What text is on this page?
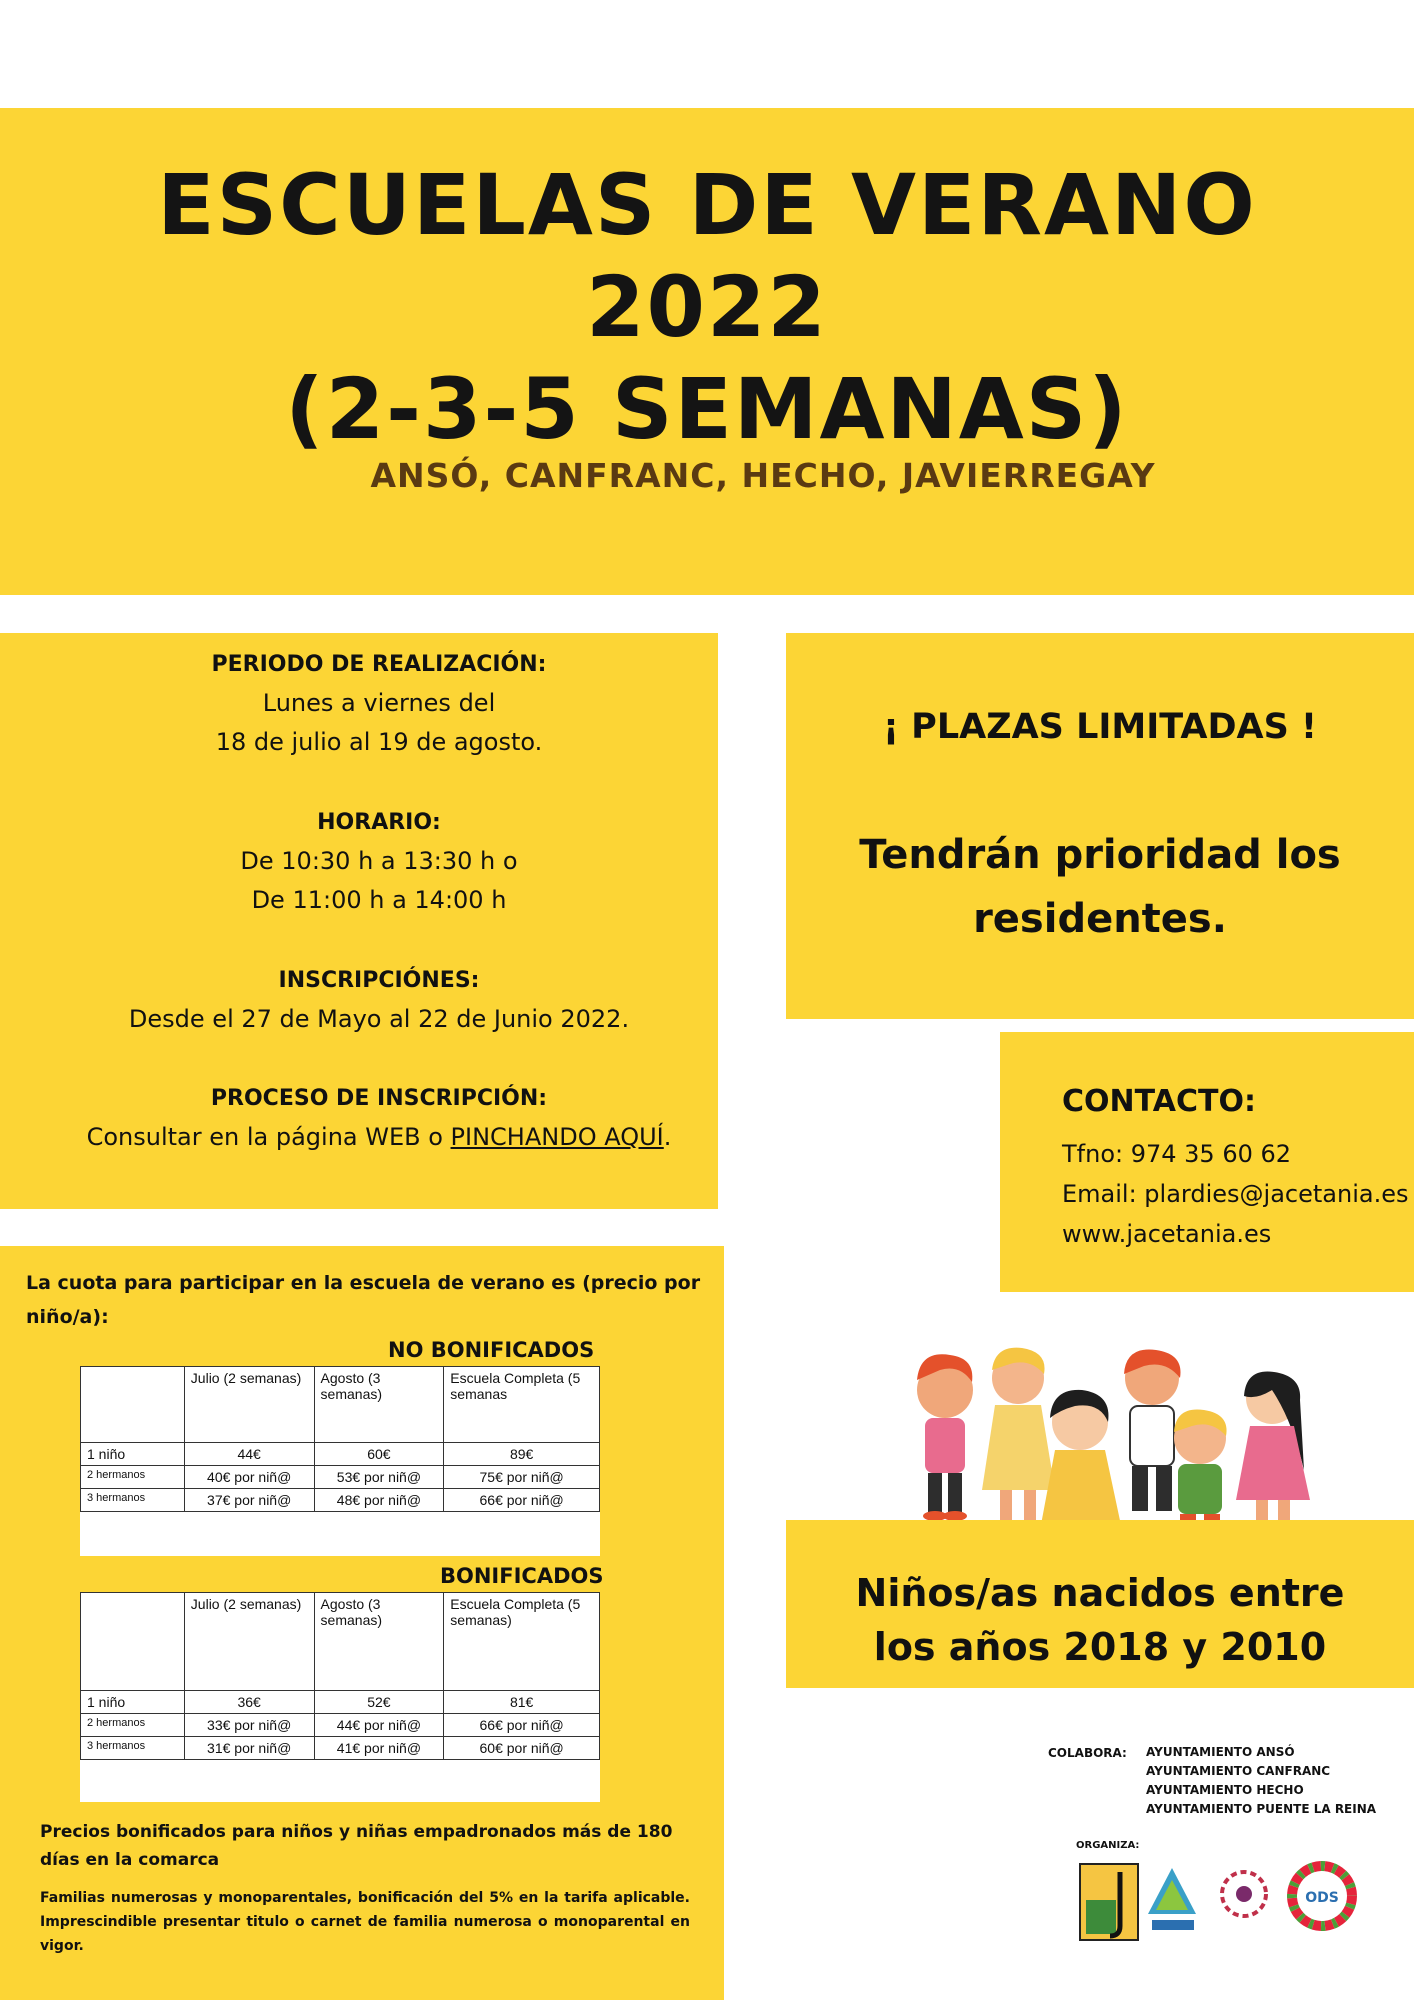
ESCUELAS DE VERANO
2022
(2-3-5 SEMANAS)
ANSÓ, CANFRANC, HECHO, JAVIERREGAY
PERIODO DE REALIZACIÓN:
Lunes a viernes del
18 de julio al 19 de agosto.
HORARIO:
De 10:30 h a 13:30 h o
De 11:00 h a 14:00 h
INSCRIPCIÓNES:
Desde el 27 de Mayo al 22 de Junio 2022.
PROCESO DE INSCRIPCIÓN:
Consultar en la página WEB o PINCHANDO AQUÍ.
¡ PLAZAS LIMITADAS !
Tendrán prioridad los
residentes.
CONTACTO:
Tfno: 974 35 60 62
Email: plardies@jacetania.es
www.jacetania.es
Niños/as nacidos entre
los años 2018 y 2010
La cuota para participar en la escuela de verano es (precio por niño/a):
NO BONIFICADOS
	Julio (2 semanas)	Agosto (3 semanas)	Escuela Completa (5 semanas
1 niño	44€	60€	89€
2 hermanos	40€ por niñ@	53€ por niñ@	75€ por niñ@
3 hermanos	37€ por niñ@	48€ por niñ@	66€ por niñ@
BONIFICADOS
	Julio (2 semanas)	Agosto (3 semanas)	Escuela Completa (5 semanas)
1 niño	36€	52€	81€
2 hermanos	33€ por niñ@	44€ por niñ@	66€ por niñ@
3 hermanos	31€ por niñ@	41€ por niñ@	60€ por niñ@
Precios bonificados para niños y niñas empadronados más de 180 días en la comarca
Familias numerosas y monoparentales, bonificación del 5% en la tarifa aplicable. Imprescindible presentar titulo o carnet de familia numerosa o monoparental en vigor.
COLABORA: AYUNTAMIENTO ANSÓ
AYUNTAMIENTO CANFRANC
AYUNTAMIENTO HECHO
AYUNTAMIENTO PUENTE LA REINA
ORGANIZA:
ODS
